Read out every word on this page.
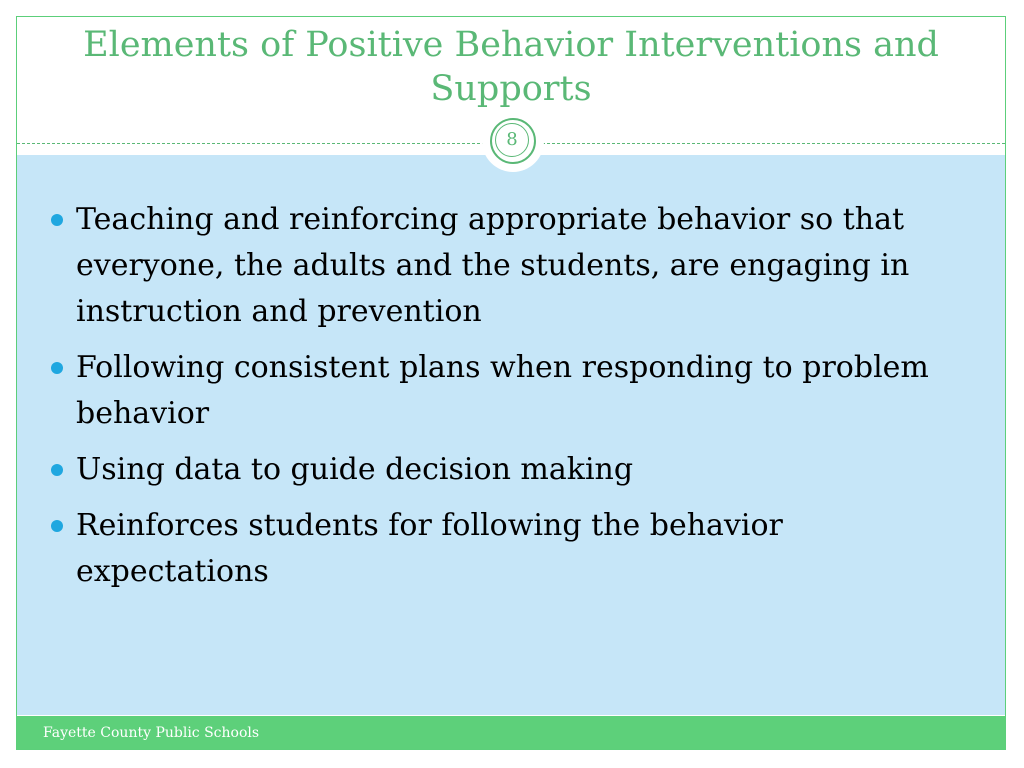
Elements of Positive Behavior Interventions and Supports
8
Teaching and reinforcing appropriate behavior so that everyone, the adults and the students, are engaging in instruction and prevention
Following consistent plans when responding to problem behavior
Using data to guide decision making
Reinforces students for following the behavior expectations
Fayette County Public Schools
